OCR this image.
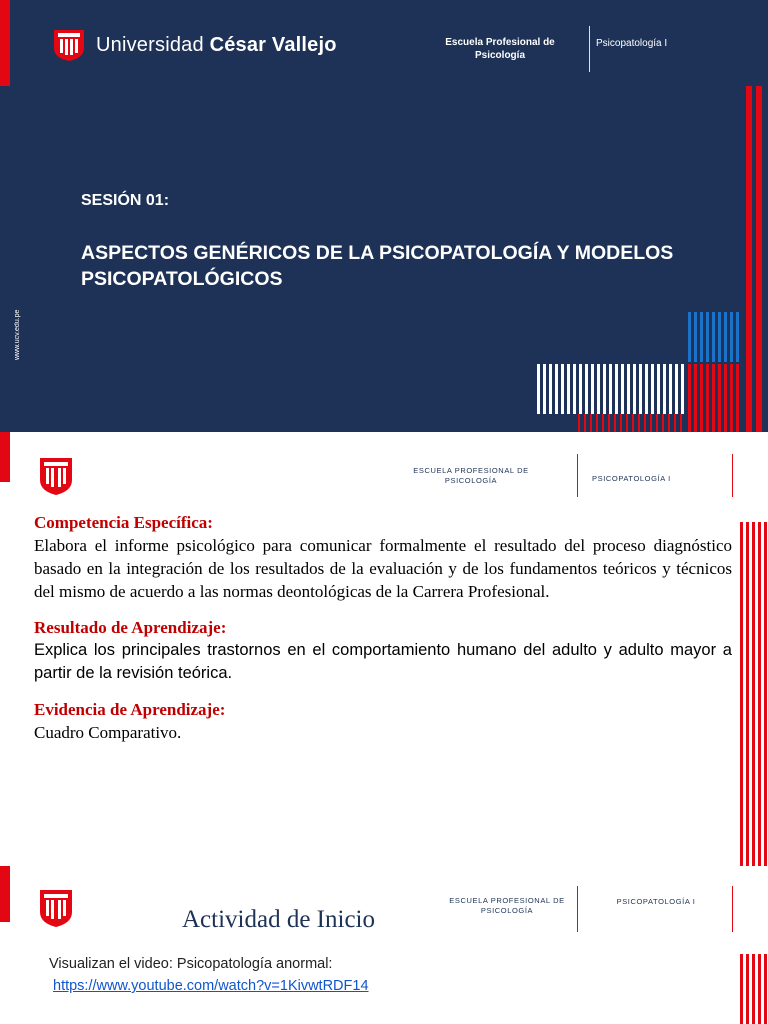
Universidad César Vallejo	Escuela Profesional de Psicología
Psicopatología I
www.ucv.edu.pe
SESIÓN 01:
ASPECTOS GENÉRICOS DE LA PSICOPATOLOGÍA Y MODELOS PSICOPATOLÓGICOS
ESCUELA PROFESIONAL DE PSICOLOGÍA	PSICOPATOLOGÍA I
Competencia Específica:
Elabora el informe psicológico para comunicar formalmente el resultado del proceso diagnóstico basado en la integración de los resultados de la evaluación y de los fundamentos teóricos y técnicos del mismo de acuerdo a las normas deontológicas de la Carrera Profesional.
Resultado de Aprendizaje:
Explica los principales trastornos en el comportamiento humano del adulto y adulto mayor a partir de la revisión teórica.
Evidencia de Aprendizaje:
Cuadro Comparativo.
ESCUELA PROFESIONAL DE PSICOLOGÍA
PSICOPATOLOGÍA I
Actividad de Inicio
Visualizan el video: Psicopatología anormal:
https://www.youtube.com/watch?v=1KivwtRDF14
